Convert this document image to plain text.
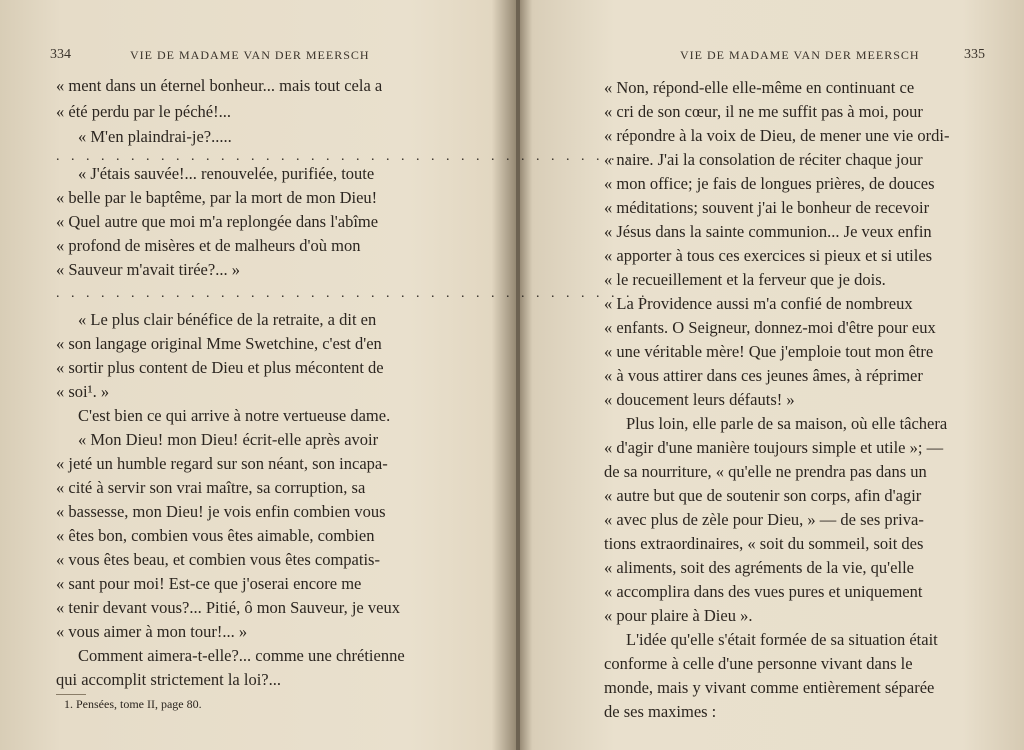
334	VIE DE MADAME VAN DER MEERSCH
« ment dans un éternel bonheur... mais tout cela a
« été perdu par le péché!...
« M'en plaindrai-je?.....
. . . . . . . . . . . . . . . . . . . . . . . . . . . . . . . . . . . . . . . .
« J'étais sauvée!... renouvelée, purifiée, toute
« belle par le baptême, par la mort de mon Dieu!
« Quel autre que moi m'a replongée dans l'abîme
« profond de misères et de malheurs d'où mon
« Sauveur m'avait tirée?... »
. . . . . . . . . . . . . . . . . . . . . . . . . . . . . . . . . . . . . . . .
« Le plus clair bénéfice de la retraite, a dit en
« son langage original Mme Swetchine, c'est d'en
« sortir plus content de Dieu et plus mécontent de
« soi¹. »
C'est bien ce qui arrive à notre vertueuse dame.
« Mon Dieu! mon Dieu! écrit-elle après avoir
« jeté un humble regard sur son néant, son incapa-
« cité à servir son vrai maître, sa corruption, sa
« bassesse, mon Dieu! je vois enfin combien vous
« êtes bon, combien vous êtes aimable, combien
« vous êtes beau, et combien vous êtes compatis-
« sant pour moi! Est-ce que j'oserai encore me
« tenir devant vous?... Pitié, ô mon Sauveur, je veux
« vous aimer à mon tour!... »
Comment aimera-t-elle?... comme une chrétienne
qui accomplit strictement la loi?...
1. Pensées, tome II, page 80.
VIE DE MADAME VAN DER MEERSCH	335
« Non, répond-elle elle-même en continuant ce
« cri de son cœur, il ne me suffit pas à moi, pour
« répondre à la voix de Dieu, de mener une vie ordi-
« naire. J'ai la consolation de réciter chaque jour
« mon office; je fais de longues prières, de douces
« méditations; souvent j'ai le bonheur de recevoir
« Jésus dans la sainte communion... Je veux enfin
« apporter à tous ces exercices si pieux et si utiles
« le recueillement et la ferveur que je dois.
« La Providence aussi m'a confié de nombreux
« enfants. O Seigneur, donnez-moi d'être pour eux
« une véritable mère! Que j'emploie tout mon être
« à vous attirer dans ces jeunes âmes, à réprimer
« doucement leurs défauts! »
Plus loin, elle parle de sa maison, où elle tâchera
« d'agir d'une manière toujours simple et utile »; —
de sa nourriture, « qu'elle ne prendra pas dans un
« autre but que de soutenir son corps, afin d'agir
« avec plus de zèle pour Dieu, » — de ses priva-
tions extraordinaires, « soit du sommeil, soit des
« aliments, soit des agréments de la vie, qu'elle
« accomplira dans des vues pures et uniquement
« pour plaire à Dieu ».
L'idée qu'elle s'était formée de sa situation était
conforme à celle d'une personne vivant dans le
monde, mais y vivant comme entièrement séparée
de ses maximes :
